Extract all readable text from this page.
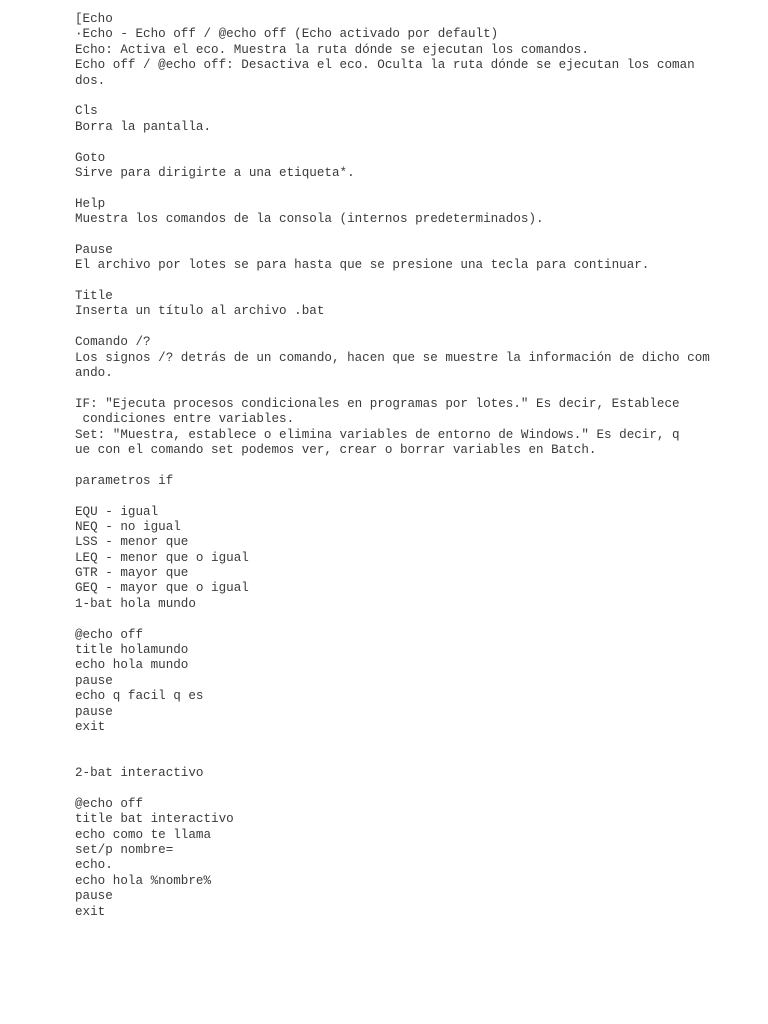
[Echo
·Echo - Echo off / @echo off (Echo activado por default)
Echo: Activa el eco. Muestra la ruta dónde se ejecutan los comandos.
Echo off / @echo off: Desactiva el eco. Oculta la ruta dónde se ejecutan los coman
dos.
Cls
Borra la pantalla.
Goto
Sirve para dirigirte a una etiqueta*.
Help
Muestra los comandos de la consola (internos predeterminados).
Pause
El archivo por lotes se para hasta que se presione una tecla para continuar.
Title
Inserta un título al archivo .bat
Comando /?
Los signos /? detrás de un comando, hacen que se muestre la información de dicho com
ando.
IF: "Ejecuta procesos condicionales en programas por lotes." Es decir, Establece
condiciones entre variables.
Set: "Muestra, establece o elimina variables de entorno de Windows." Es decir, q
ue con el comando set podemos ver, crear o borrar variables en Batch.
parametros if
EQU - igual
NEQ - no igual
LSS - menor que
LEQ - menor que o igual
GTR - mayor que
GEQ - mayor que o igual
1-bat hola mundo
@echo off
title holamundo
echo hola mundo
pause
echo q facil q es
pause
exit
2-bat interactivo
@echo off
title bat interactivo
echo como te llama
set/p nombre=
echo.
echo hola %nombre%
pause
exit
